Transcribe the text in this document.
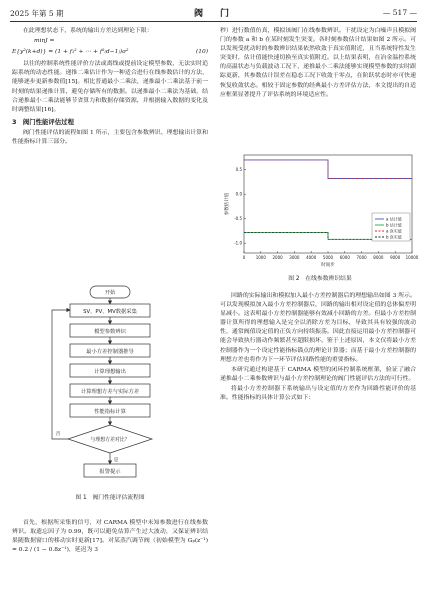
2025 年第 5 期	阀　门	— 517 —

在此理想状态下，系统的输出方差达到理论下限：

minJ =
E{y²(k+d)} = (1 + f₁² + ⋯ + f²₍d−1₎)σ²	(10)

以往的控制系统性能评价方法或离线或提前设定模型参数，无法实时追踪系统的动态性能。递推二乘估计作为一种适合进行在线参数估计的方法，能够逐步更新参数值[15]。相比普通最小二乘法，递推最小二乘法基于前一时刻的结果递推计算，避免存储所有的数据。以递推最小二乘法为基础，结合递推最小二乘法能够节省算力和数据存储资源，并根据输入数据的变化及时调整结果[16]。

3　阀门性能评估过程

阀门性能评估的流程如图 1 所示，主要包含参数辨识、理想输出计算和性能指标计算三部分。

开始
SV、PV、MV数据采集
模型参数辨识
最小方差控制器推导
计算理想输出
计算理想方差与实际方差
性能指标计算
与理想方差对比？
是
否
报警提示
图 1　阀门性能评估流程图

首先，根据所采集的信号，对 CARMA 模型中未知参数进行在线参数辨识。取遗忘因子为 0.99，既可以避免估算产生过大波动，又保证辨识结果随数据窗口的移动实时更新[17]。对某蒸汽调节阀（初始模型为 Gₚ(z⁻¹) = 0.2 / (1 − 0.8z⁻¹)，延迟为 3

秒）进行数值仿真，模拟该阀门在线参数辨识。干扰设定为白噪声且模拟阀门的参数 a 和 b 在某时刻发生突变。各时刻参数估计结果如图 2 所示。可以发现受扰动时的参数辨识结果依然收敛于真实值附近，且当系统特性发生突变时，估计值能快速切换至真实值附近。以上结果表明，在冶金温控系统的高温状态与负载波动工况下，递推最小二乘法能够实现模型参数的实时跟踪更新，其参数估计误差在稳态工况下收敛于零点，在阶跃状态时亦可快速恢复收敛状态。相较于固定参数的经典最小方差评估方法，本文提出的自适应框架显著提升了评估系统的环境适应性。

0	1000 2000 3000 4000 5000 6000 7000 8000 9000 10000
-1.0
-0.5
0.0
0.5
a 估计值
b 估计值
a 真实值
b 真实值
参数估计值
时间步
图 2　在线参数辨识结果

回路的实际输出和模拟加入最小方差控制器后的理想输出如图 3 所示。可以发现模拟加入最小方差控制器后，回路的输出相对设定值的总体偏差明显减小。这表明最小方差控制器能够有效减小回路的方差。但最小方差控制器计算所得的理想输入是完全以消除方差为目标，导致其具有较强的波动性，通常阀值设定值的正负方向持续振荡。因此直接运用最小方差控制器可能会导致执行器动作频繁甚至超限损坏。鉴于上述原因，本文仅将最小方差控制器作为一个设定性能指标锚点的理论计算器；而基于最小方差控制器的理想方差也将作为下一环节评估回路性能的重要指标。

本研究通过构建基于 CARMA 模型的闭环控制系统框架，验证了融合递推最小二乘参数辨识与最小方差控制理论的阀门性能评估方法的可行性。

将最小方差控制器下系统输出与设定值的方差作为回路性能评价的基准。性能指标的具体计算公式如下：
